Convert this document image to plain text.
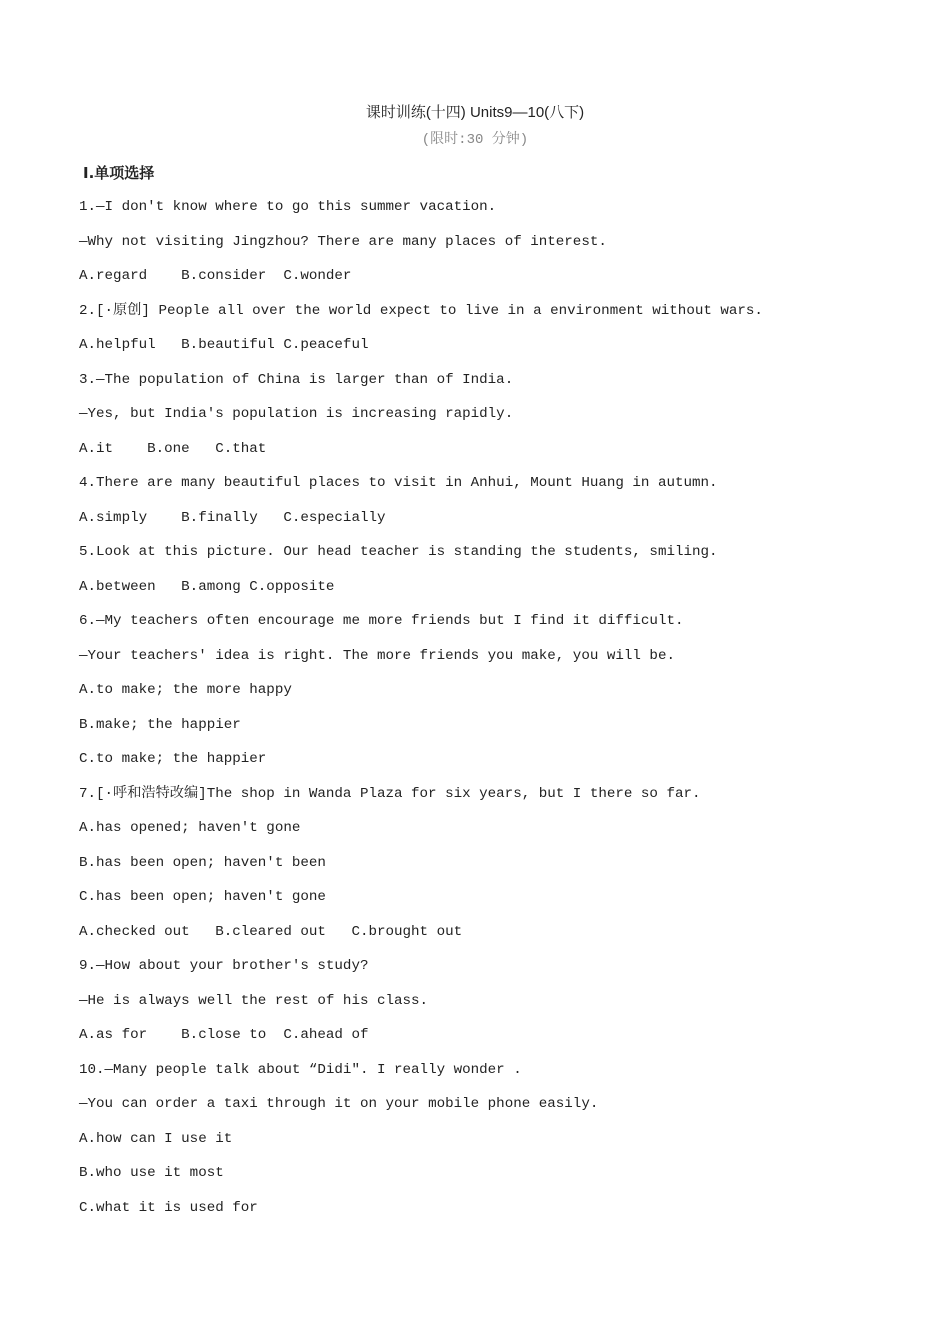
课时训练(十四) Units9—10(八下)
(限时:30 分钟)
Ⅰ.单项选择
1.—I don't know where to go this summer vacation.
—Why not visiting Jingzhou? There are many places of interest.
A.regard    B.consider  C.wonder
2.[·原创] People all over the world expect to live in a environment without wars.
A.helpful   B.beautiful C.peaceful
3.—The population of China is larger than of India.
—Yes, but India's population is increasing rapidly.
A.it    B.one   C.that
4.There are many beautiful places to visit in Anhui, Mount Huang in autumn.
A.simply    B.finally   C.especially
5.Look at this picture. Our head teacher is standing the students, smiling.
A.between   B.among C.opposite
6.—My teachers often encourage me more friends but I find it difficult.
—Your teachers' idea is right. The more friends you make, you will be.
A.to make; the more happy
B.make; the happier
C.to make; the happier
7.[·呼和浩特改编]The shop in Wanda Plaza for six years, but I there so far.
A.has opened; haven't gone
B.has been open; haven't been
C.has been open; haven't gone
A.checked out   B.cleared out   C.brought out
9.—How about your brother's study?
—He is always well the rest of his class.
A.as for    B.close to  C.ahead of
10.—Many people talk about “Didi″. I really wonder .
—You can order a taxi through it on your mobile phone easily.
A.how can I use it
B.who use it most
C.what it is used for
